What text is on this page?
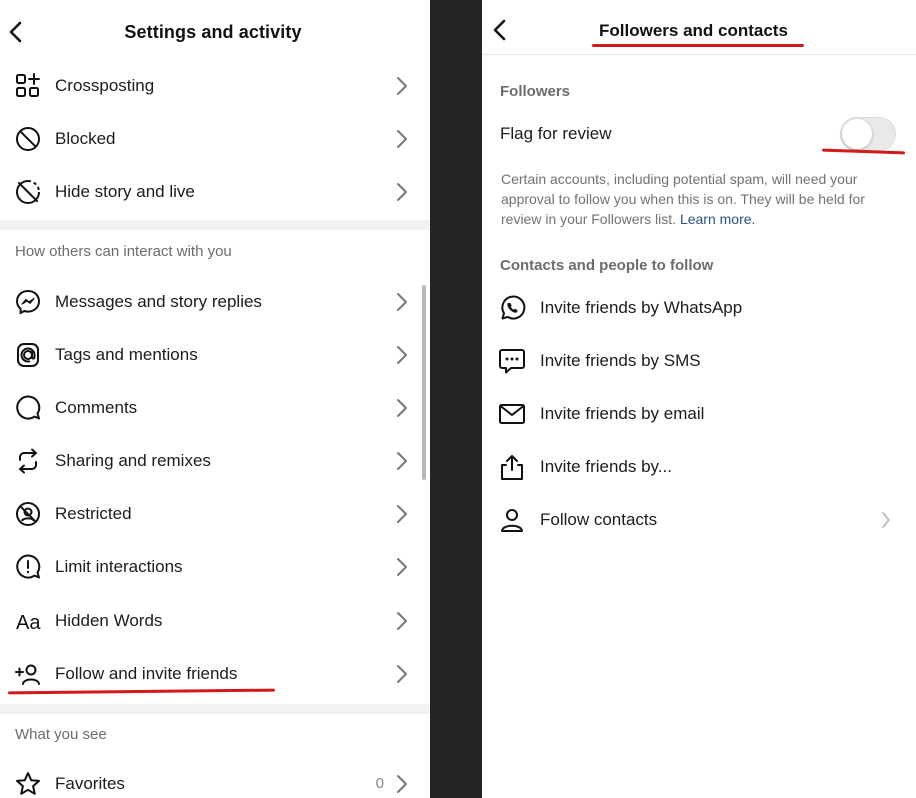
Settings and activity
Crossposting
Blocked
Hide story and live
How others can interact with you
Messages and story replies
Tags and mentions
Comments
Sharing and remixes
Restricted
Limit interactions
Aa Hidden Words
Follow and invite friends
What you see
Favorites	0
Followers and contacts
Followers
Flag for review
Certain accounts, including potential spam, will need your approval to follow you when this is on. They will be held for review in your Followers list. Learn more.
Contacts and people to follow
Invite friends by WhatsApp
Invite friends by SMS
Invite friends by email
Invite friends by...
Follow contacts
